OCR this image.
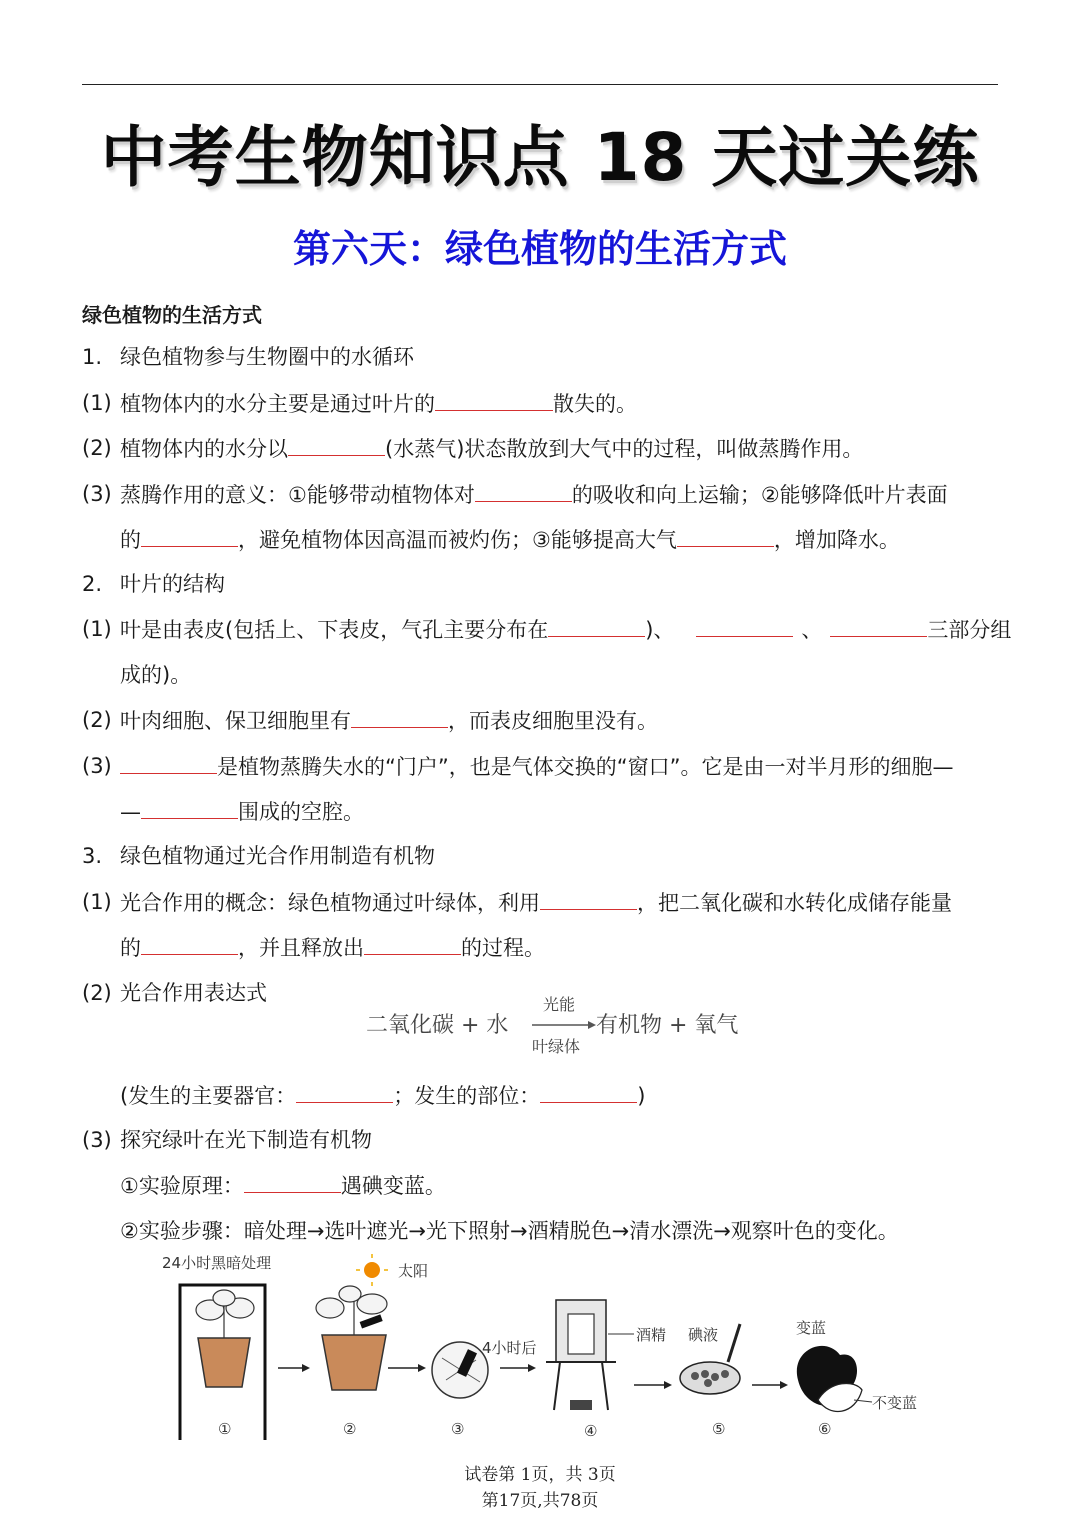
中考生物知识点 18 天过关练
第六天：绿色植物的生活方式
绿色植物的生活方式
1. 绿色植物参与生物圈中的水循环
(1) 植物体内的水分主要是通过叶片的	散失的。
(2) 植物体内的水分以	(水蒸气)状态散放到大气中的过程，叫做蒸腾作用。
(3) 蒸腾作用的意义：①能够带动植物体对	的吸收和向上运输；②能够降低叶片表面
的	，避免植物体因高温而被灼伤；③能够提高大气	，增加降水。
2. 叶片的结构
(1) 叶是由表皮(包括上、下表皮，气孔主要分布在	)、	、	三部分组
成的)。
(2) 叶肉细胞、保卫细胞里有	，而表皮细胞里没有。
(3)	是植物蒸腾失水的“门户”，也是气体交换的“窗口”。它是由一对半月形的细胞—
—	围成的空腔。
3. 绿色植物通过光合作用制造有机物
(1) 光合作用的概念：绿色植物通过叶绿体，利用	，把二氧化碳和水转化成储存能量
的	，并且释放出	的过程。
(2) 光合作用表达式
二氧化碳 + 水
光能
叶绿体
有机物 + 氧气
(发生的主要器官：	；发生的部位：	)
(3) 探究绿叶在光下制造有机物
①实验原理：	遇碘变蓝。
②实验步骤：暗处理→选叶遮光→光下照射→酒精脱色→清水漂洗→观察叶色的变化。
24小时黑暗处理	太阳
4小时后
酒精 碘液	变蓝
不变蓝
①	②	③	④	⑤	⑥
试卷第 1页，共 3页
第17页,共78页
